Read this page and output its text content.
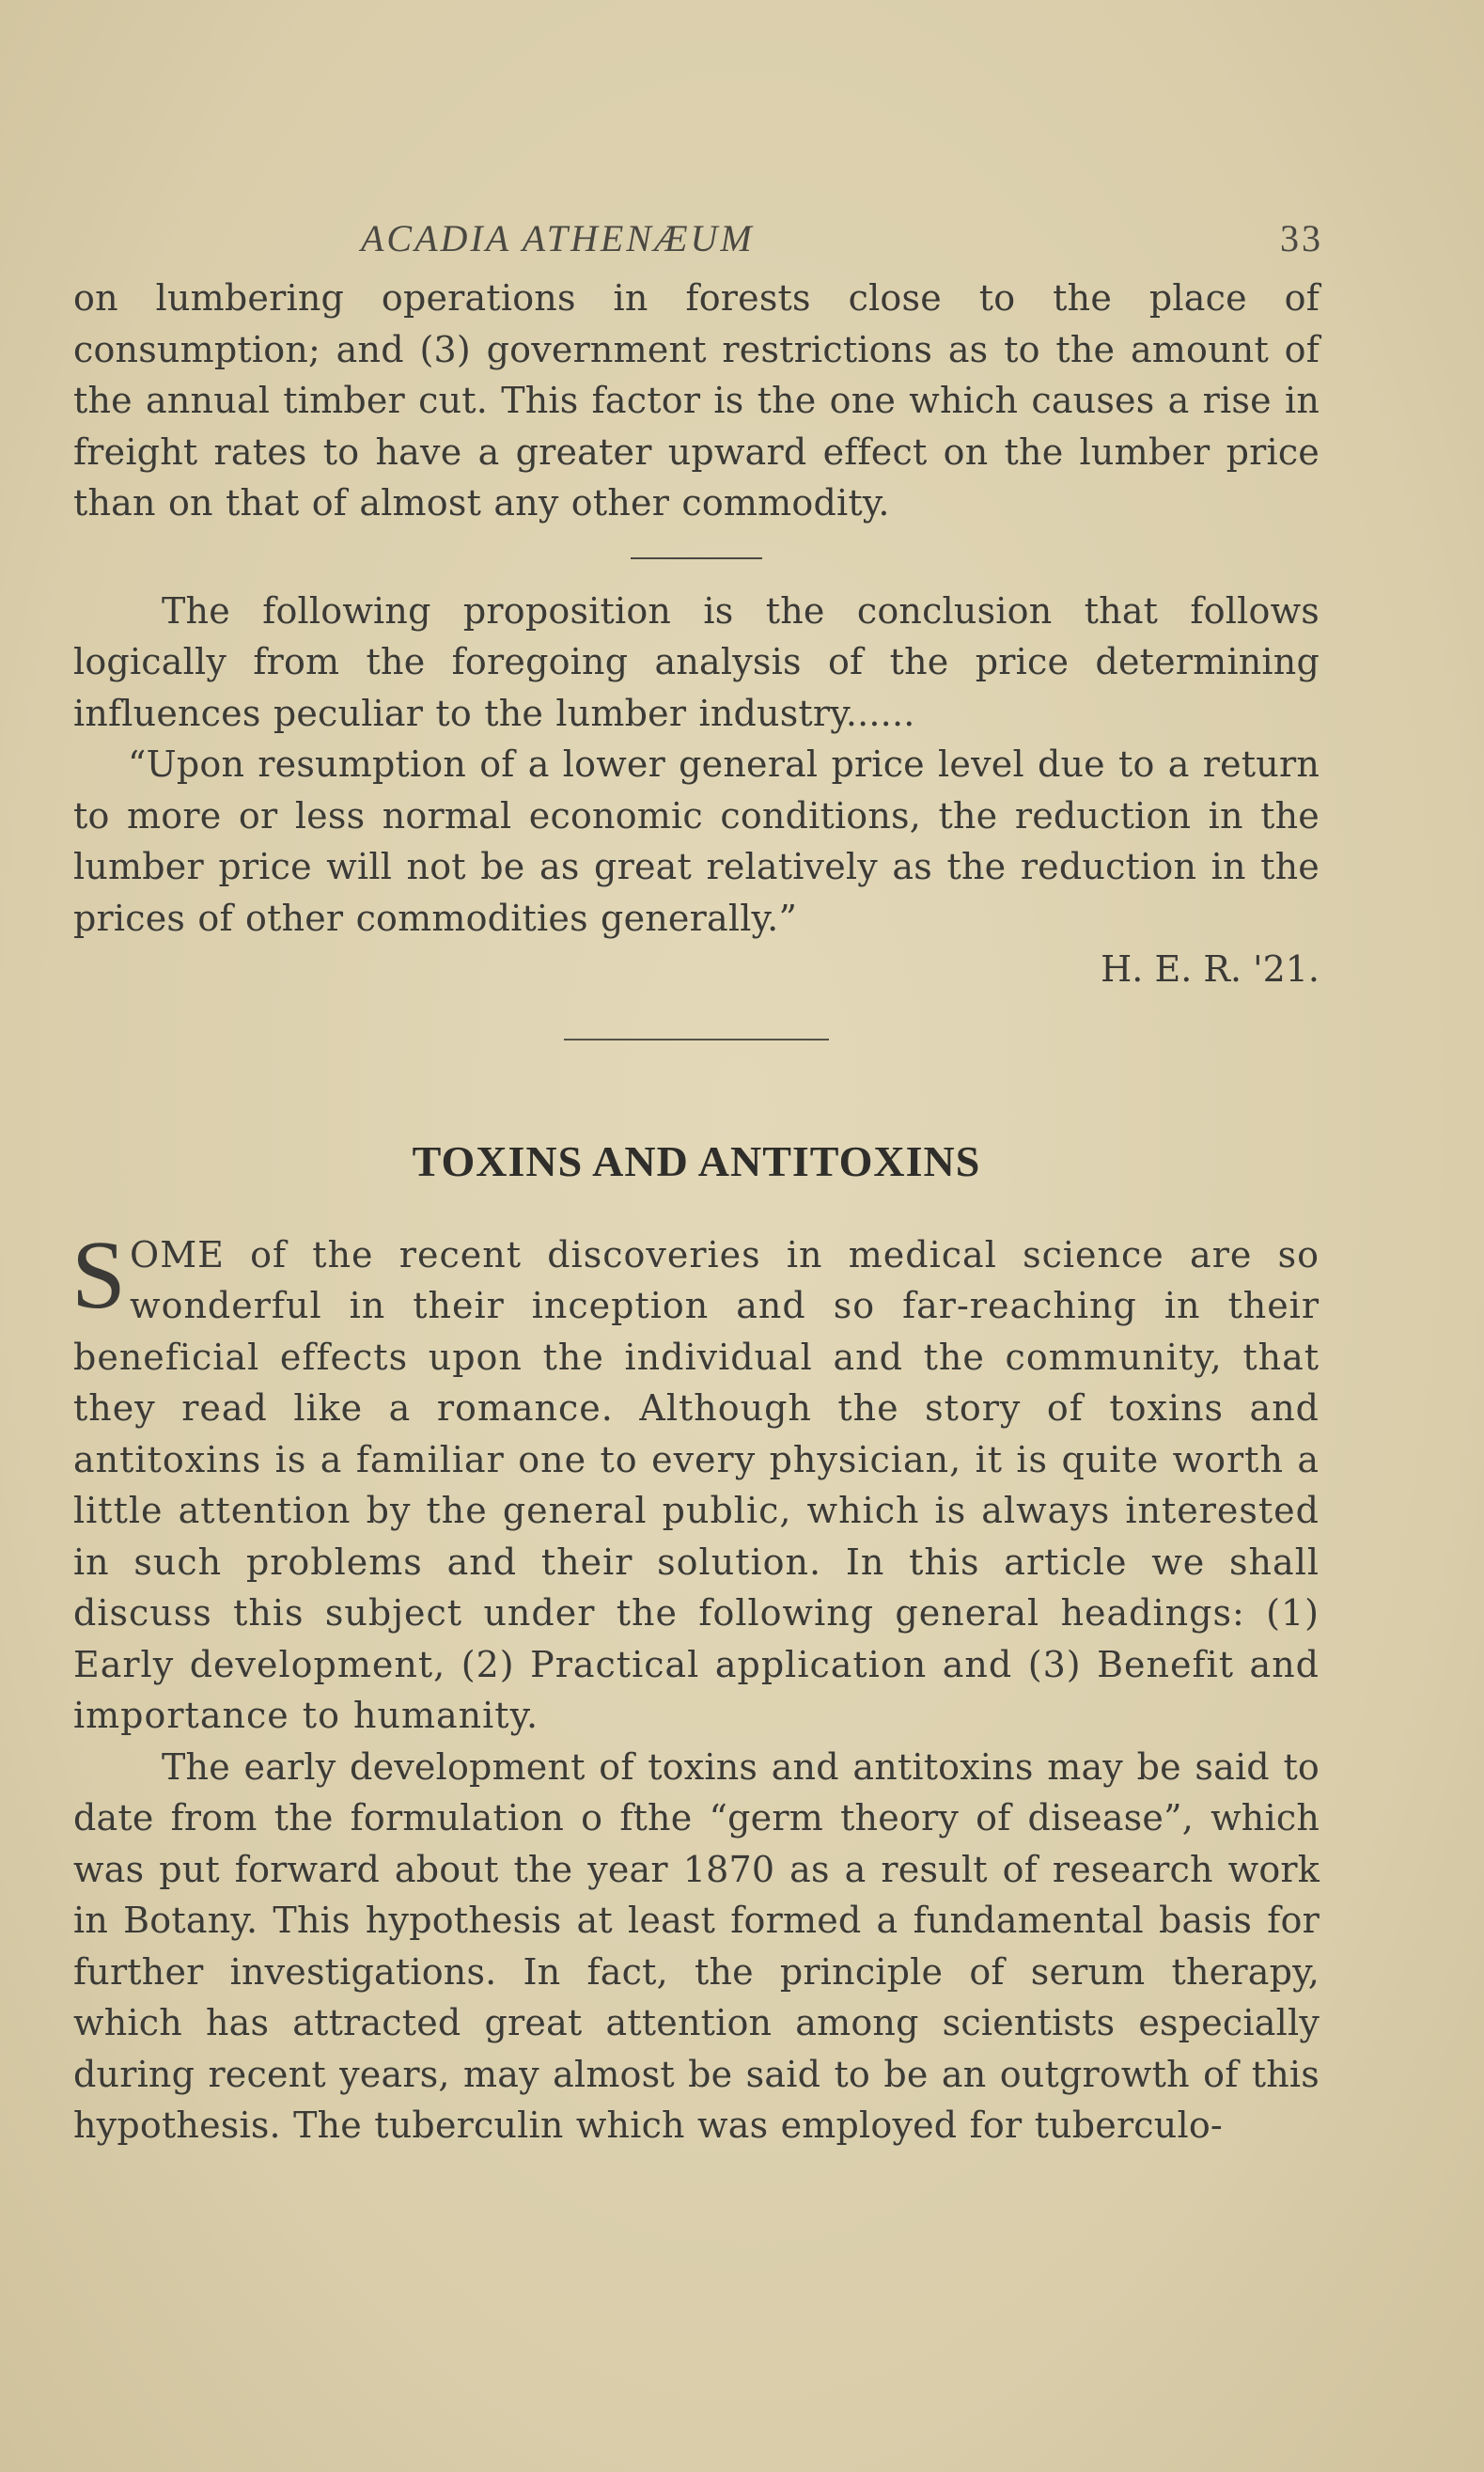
ACADIA ATHENÆUM	33

on lumbering operations in forests close to the place of consumption; and (3) government restrictions as to the amount of the annual timber cut. This factor is the one which causes a rise in freight rates to have a greater upward effect on the lumber price than on that of almost any other commodity.

The following proposition is the conclusion that follows logically from the foregoing analysis of the price determining influences peculiar to the lumber industry......

“Upon resumption of a lower general price level due to a return to more or less normal economic conditions, the reduction in the lumber price will not be as great relatively as the reduction in the prices of other commodities generally.”

H. E. R. '21.

TOXINS AND ANTITOXINS

SOME of the recent discoveries in medical science are so wonderful in their inception and so far-reaching in their beneficial effects upon the individual and the community, that they read like a romance. Although the story of toxins and antitoxins is a familiar one to every physician, it is quite worth a little attention by the general public, which is always interested in such problems and their solution. In this article we shall discuss this subject under the following general headings: (1) Early development, (2) Practical application and (3) Benefit and importance to humanity.

The early development of toxins and antitoxins may be said to date from the formulation o fthe “germ theory of disease”, which was put forward about the year 1870 as a result of research work in Botany. This hypothesis at least formed a fundamental basis for further investigations. In fact, the principle of serum therapy, which has attracted great attention among scientists especially during recent years, may almost be said to be an outgrowth of this hypothesis. The tuberculin which was employed for tuberculo-
